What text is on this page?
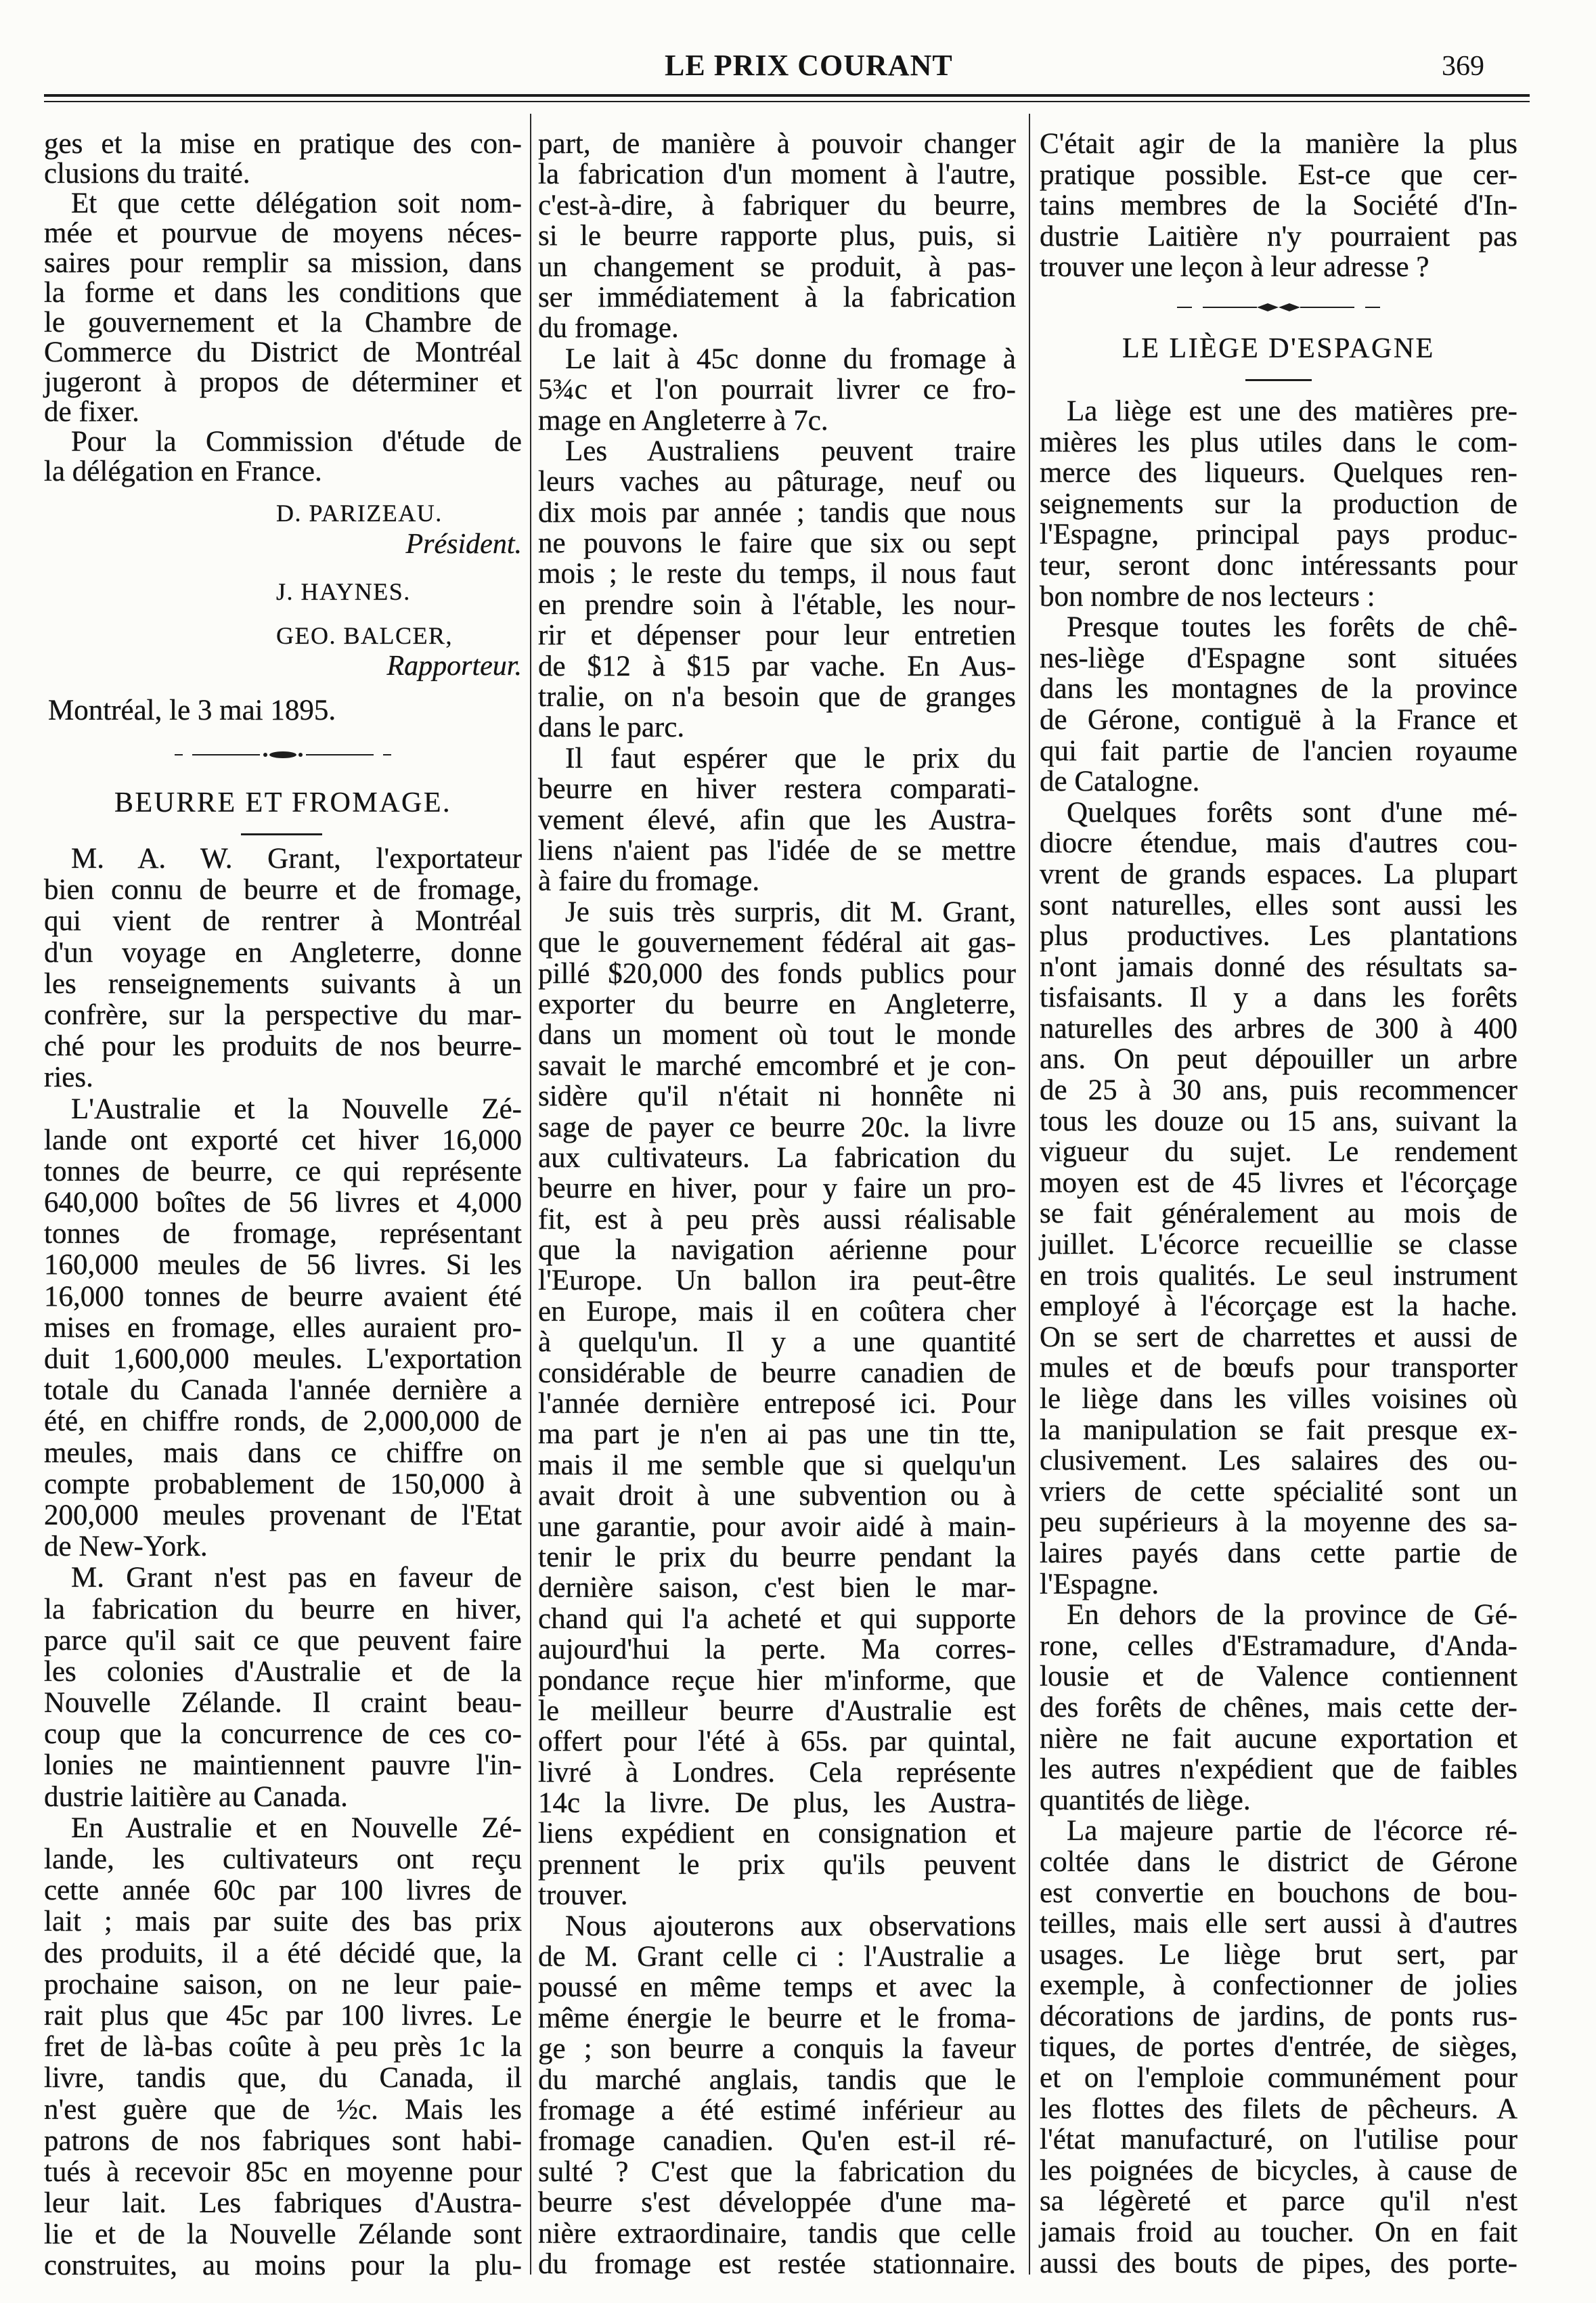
LE PRIX COURANT	369
ges et la mise en pratique des con-
clusions du traité.
Et que cette délégation soit nom-
mée et pourvue de moyens néces-
saires pour remplir sa mission, dans
la forme et dans les conditions que
le gouvernement et la Chambre de
Commerce du District de Montréal
jugeront à propos de déterminer et
de fixer.
Pour la Commission d'étude de
la délégation en France.
D. PARIZEAU.
Président.
J. HAYNES.
GEO. BALCER,
Rapporteur.
Montréal, le 3 mai 1895.
BEURRE ET FROMAGE.
M. A. W. Grant, l'exportateur
bien connu de beurre et de fromage,
qui vient de rentrer à Montréal
d'un voyage en Angleterre, donne
les renseignements suivants à un
confrère, sur la perspective du mar-
ché pour les produits de nos beurre-
ries.
L'Australie et la Nouvelle Zé-
lande ont exporté cet hiver 16,000
tonnes de beurre, ce qui représente
640,000 boîtes de 56 livres et 4,000
tonnes de fromage, représentant
160,000 meules de 56 livres. Si les
16,000 tonnes de beurre avaient été
mises en fromage, elles auraient pro-
duit 1,600,000 meules. L'exportation
totale du Canada l'année dernière a
été, en chiffre ronds, de 2,000,000 de
meules, mais dans ce chiffre on
compte probablement de 150,000 à
200,000 meules provenant de l'Etat
de New-York.
M. Grant n'est pas en faveur de
la fabrication du beurre en hiver,
parce qu'il sait ce que peuvent faire
les colonies d'Australie et de la
Nouvelle Zélande. Il craint beau-
coup que la concurrence de ces co-
lonies ne maintiennent pauvre l'in-
dustrie laitière au Canada.
En Australie et en Nouvelle Zé-
lande, les cultivateurs ont reçu
cette année 60c par 100 livres de
lait ; mais par suite des bas prix
des produits, il a été décidé que, la
prochaine saison, on ne leur paie-
rait plus que 45c par 100 livres. Le
fret de là-bas coûte à peu près 1c la
livre, tandis que, du Canada, il
n'est guère que de ½c. Mais les
patrons de nos fabriques sont habi-
tués à recevoir 85c en moyenne pour
leur lait. Les fabriques d'Austra-
lie et de la Nouvelle Zélande sont
construites, au moins pour la plu-
part, de manière à pouvoir changer
la fabrication d'un moment à l'autre,
c'est-à-dire, à fabriquer du beurre,
si le beurre rapporte plus, puis, si
un changement se produit, à pas-
ser immédiatement à la fabrication
du fromage.
Le lait à 45c donne du fromage à
5¾c et l'on pourrait livrer ce fro-
mage en Angleterre à 7c.
Les Australiens peuvent traire
leurs vaches au pâturage, neuf ou
dix mois par année ; tandis que nous
ne pouvons le faire que six ou sept
mois ; le reste du temps, il nous faut
en prendre soin à l'étable, les nour-
rir et dépenser pour leur entretien
de $12 à $15 par vache. En Aus-
tralie, on n'a besoin que de granges
dans le parc.
Il faut espérer que le prix du
beurre en hiver restera comparati-
vement élevé, afin que les Austra-
liens n'aient pas l'idée de se mettre
à faire du fromage.
Je suis très surpris, dit M. Grant,
que le gouvernement fédéral ait gas-
pillé $20,000 des fonds publics pour
exporter du beurre en Angleterre,
dans un moment où tout le monde
savait le marché emcombré et je con-
sidère qu'il n'était ni honnête ni
sage de payer ce beurre 20c. la livre
aux cultivateurs. La fabrication du
beurre en hiver, pour y faire un pro-
fit, est à peu près aussi réalisable
que la navigation aérienne pour
l'Europe. Un ballon ira peut-être
en Europe, mais il en coûtera cher
à quelqu'un. Il y a une quantité
considérable de beurre canadien de
l'année dernière entreposé ici. Pour
ma part je n'en ai pas une tin tte,
mais il me semble que si quelqu'un
avait droit à une subvention ou à
une garantie, pour avoir aidé à main-
tenir le prix du beurre pendant la
dernière saison, c'est bien le mar-
chand qui l'a acheté et qui supporte
aujourd'hui la perte. Ma corres-
pondance reçue hier m'informe, que
le meilleur beurre d'Australie est
offert pour l'été à 65s. par quintal,
livré à Londres. Cela représente
14c la livre. De plus, les Austra-
liens expédient en consignation et
prennent le prix qu'ils peuvent
trouver.
Nous ajouterons aux observations
de M. Grant celle ci : l'Australie a
poussé en même temps et avec la
même énergie le beurre et le froma-
ge ; son beurre a conquis la faveur
du marché anglais, tandis que le
fromage a été estimé inférieur au
fromage canadien. Qu'en est-il ré-
sulté ? C'est que la fabrication du
beurre s'est développée d'une ma-
nière extraordinaire, tandis que celle
du fromage est restée stationnaire.
C'était agir de la manière la plus
pratique possible. Est-ce que cer-
tains membres de la Société d'In-
dustrie Laitière n'y pourraient pas
trouver une leçon à leur adresse ?
LE LIÈGE D'ESPAGNE
La liège est une des matières pre-
mières les plus utiles dans le com-
merce des liqueurs. Quelques ren-
seignements sur la production de
l'Espagne, principal pays produc-
teur, seront donc intéressants pour
bon nombre de nos lecteurs :
Presque toutes les forêts de chê-
nes-liège d'Espagne sont situées
dans les montagnes de la province
de Gérone, contiguë à la France et
qui fait partie de l'ancien royaume
de Catalogne.
Quelques forêts sont d'une mé-
diocre étendue, mais d'autres cou-
vrent de grands espaces. La plupart
sont naturelles, elles sont aussi les
plus productives. Les plantations
n'ont jamais donné des résultats sa-
tisfaisants. Il y a dans les forêts
naturelles des arbres de 300 à 400
ans. On peut dépouiller un arbre
de 25 à 30 ans, puis recommencer
tous les douze ou 15 ans, suivant la
vigueur du sujet. Le rendement
moyen est de 45 livres et l'écorçage
se fait généralement au mois de
juillet. L'écorce recueillie se classe
en trois qualités. Le seul instrument
employé à l'écorçage est la hache.
On se sert de charrettes et aussi de
mules et de bœufs pour transporter
le liège dans les villes voisines où
la manipulation se fait presque ex-
clusivement. Les salaires des ou-
vriers de cette spécialité sont un
peu supérieurs à la moyenne des sa-
laires payés dans cette partie de
l'Espagne.
En dehors de la province de Gé-
rone, celles d'Estramadure, d'Anda-
lousie et de Valence contiennent
des forêts de chênes, mais cette der-
nière ne fait aucune exportation et
les autres n'expédient que de faibles
quantités de liège.
La majeure partie de l'écorce ré-
coltée dans le district de Gérone
est convertie en bouchons de bou-
teilles, mais elle sert aussi à d'autres
usages. Le liège brut sert, par
exemple, à confectionner de jolies
décorations de jardins, de ponts rus-
tiques, de portes d'entrée, de sièges,
et on l'emploie communément pour
les flottes des filets de pêcheurs. A
l'état manufacturé, on l'utilise pour
les poignées de bicycles, à cause de
sa légèreté et parce qu'il n'est
jamais froid au toucher. On en fait
aussi des bouts de pipes, des porte-
